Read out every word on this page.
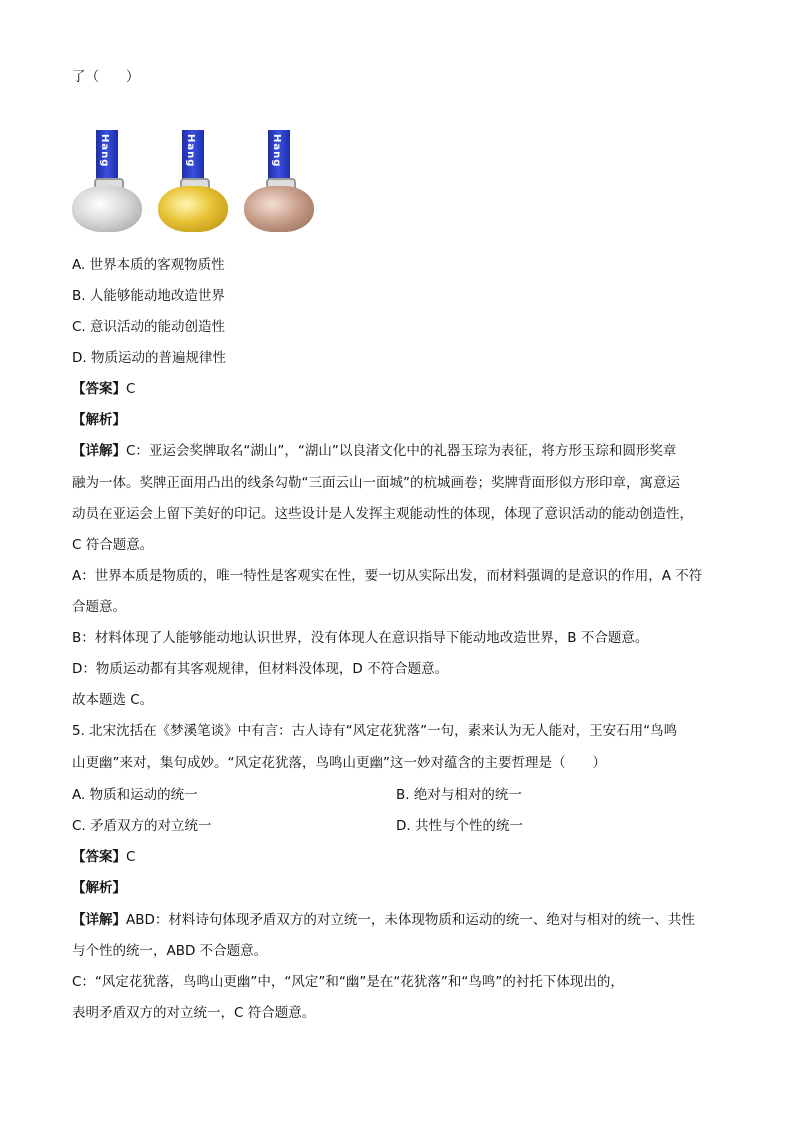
了（　　）
Hang	Hang	Hang
A. 世界本质的客观物质性
B. 人能够能动地改造世界
C. 意识活动的能动创造性
D. 物质运动的普遍规律性
【答案】C
【解析】
【详解】C：亚运会奖牌取名“湖山”，“湖山”以良渚文化中的礼器玉琮为表征，将方形玉琮和圆形奖章
融为一体。奖牌正面用凸出的线条勾勒“三面云山一面城”的杭城画卷；奖牌背面形似方形印章，寓意运
动员在亚运会上留下美好的印记。这些设计是人发挥主观能动性的体现，体现了意识活动的能动创造性，
C 符合题意。
A：世界本质是物质的，唯一特性是客观实在性，要一切从实际出发，而材料强调的是意识的作用，A 不符
合题意。
B：材料体现了人能够能动地认识世界，没有体现人在意识指导下能动地改造世界，B 不合题意。
D：物质运动都有其客观规律，但材料没体现，D 不符合题意。
故本题选 C。
5. 北宋沈括在《梦溪笔谈》中有言：古人诗有“风定花犹落”一句，素来认为无人能对，王安石用“鸟鸣
山更幽”来对，集句成妙。“风定花犹落，鸟鸣山更幽”这一妙对蕴含的主要哲理是（　　）
A. 物质和运动的统一	B. 绝对与相对的统一
C. 矛盾双方的对立统一	D. 共性与个性的统一
【答案】C
【解析】
【详解】ABD：材料诗句体现矛盾双方的对立统一，未体现物质和运动的统一、绝对与相对的统一、共性
与个性的统一，ABD 不合题意。
C：“风定花犹落，鸟鸣山更幽”中，“风定”和“幽”是在“花犹落”和“鸟鸣”的衬托下体现出的，
表明矛盾双方的对立统一，C 符合题意。
